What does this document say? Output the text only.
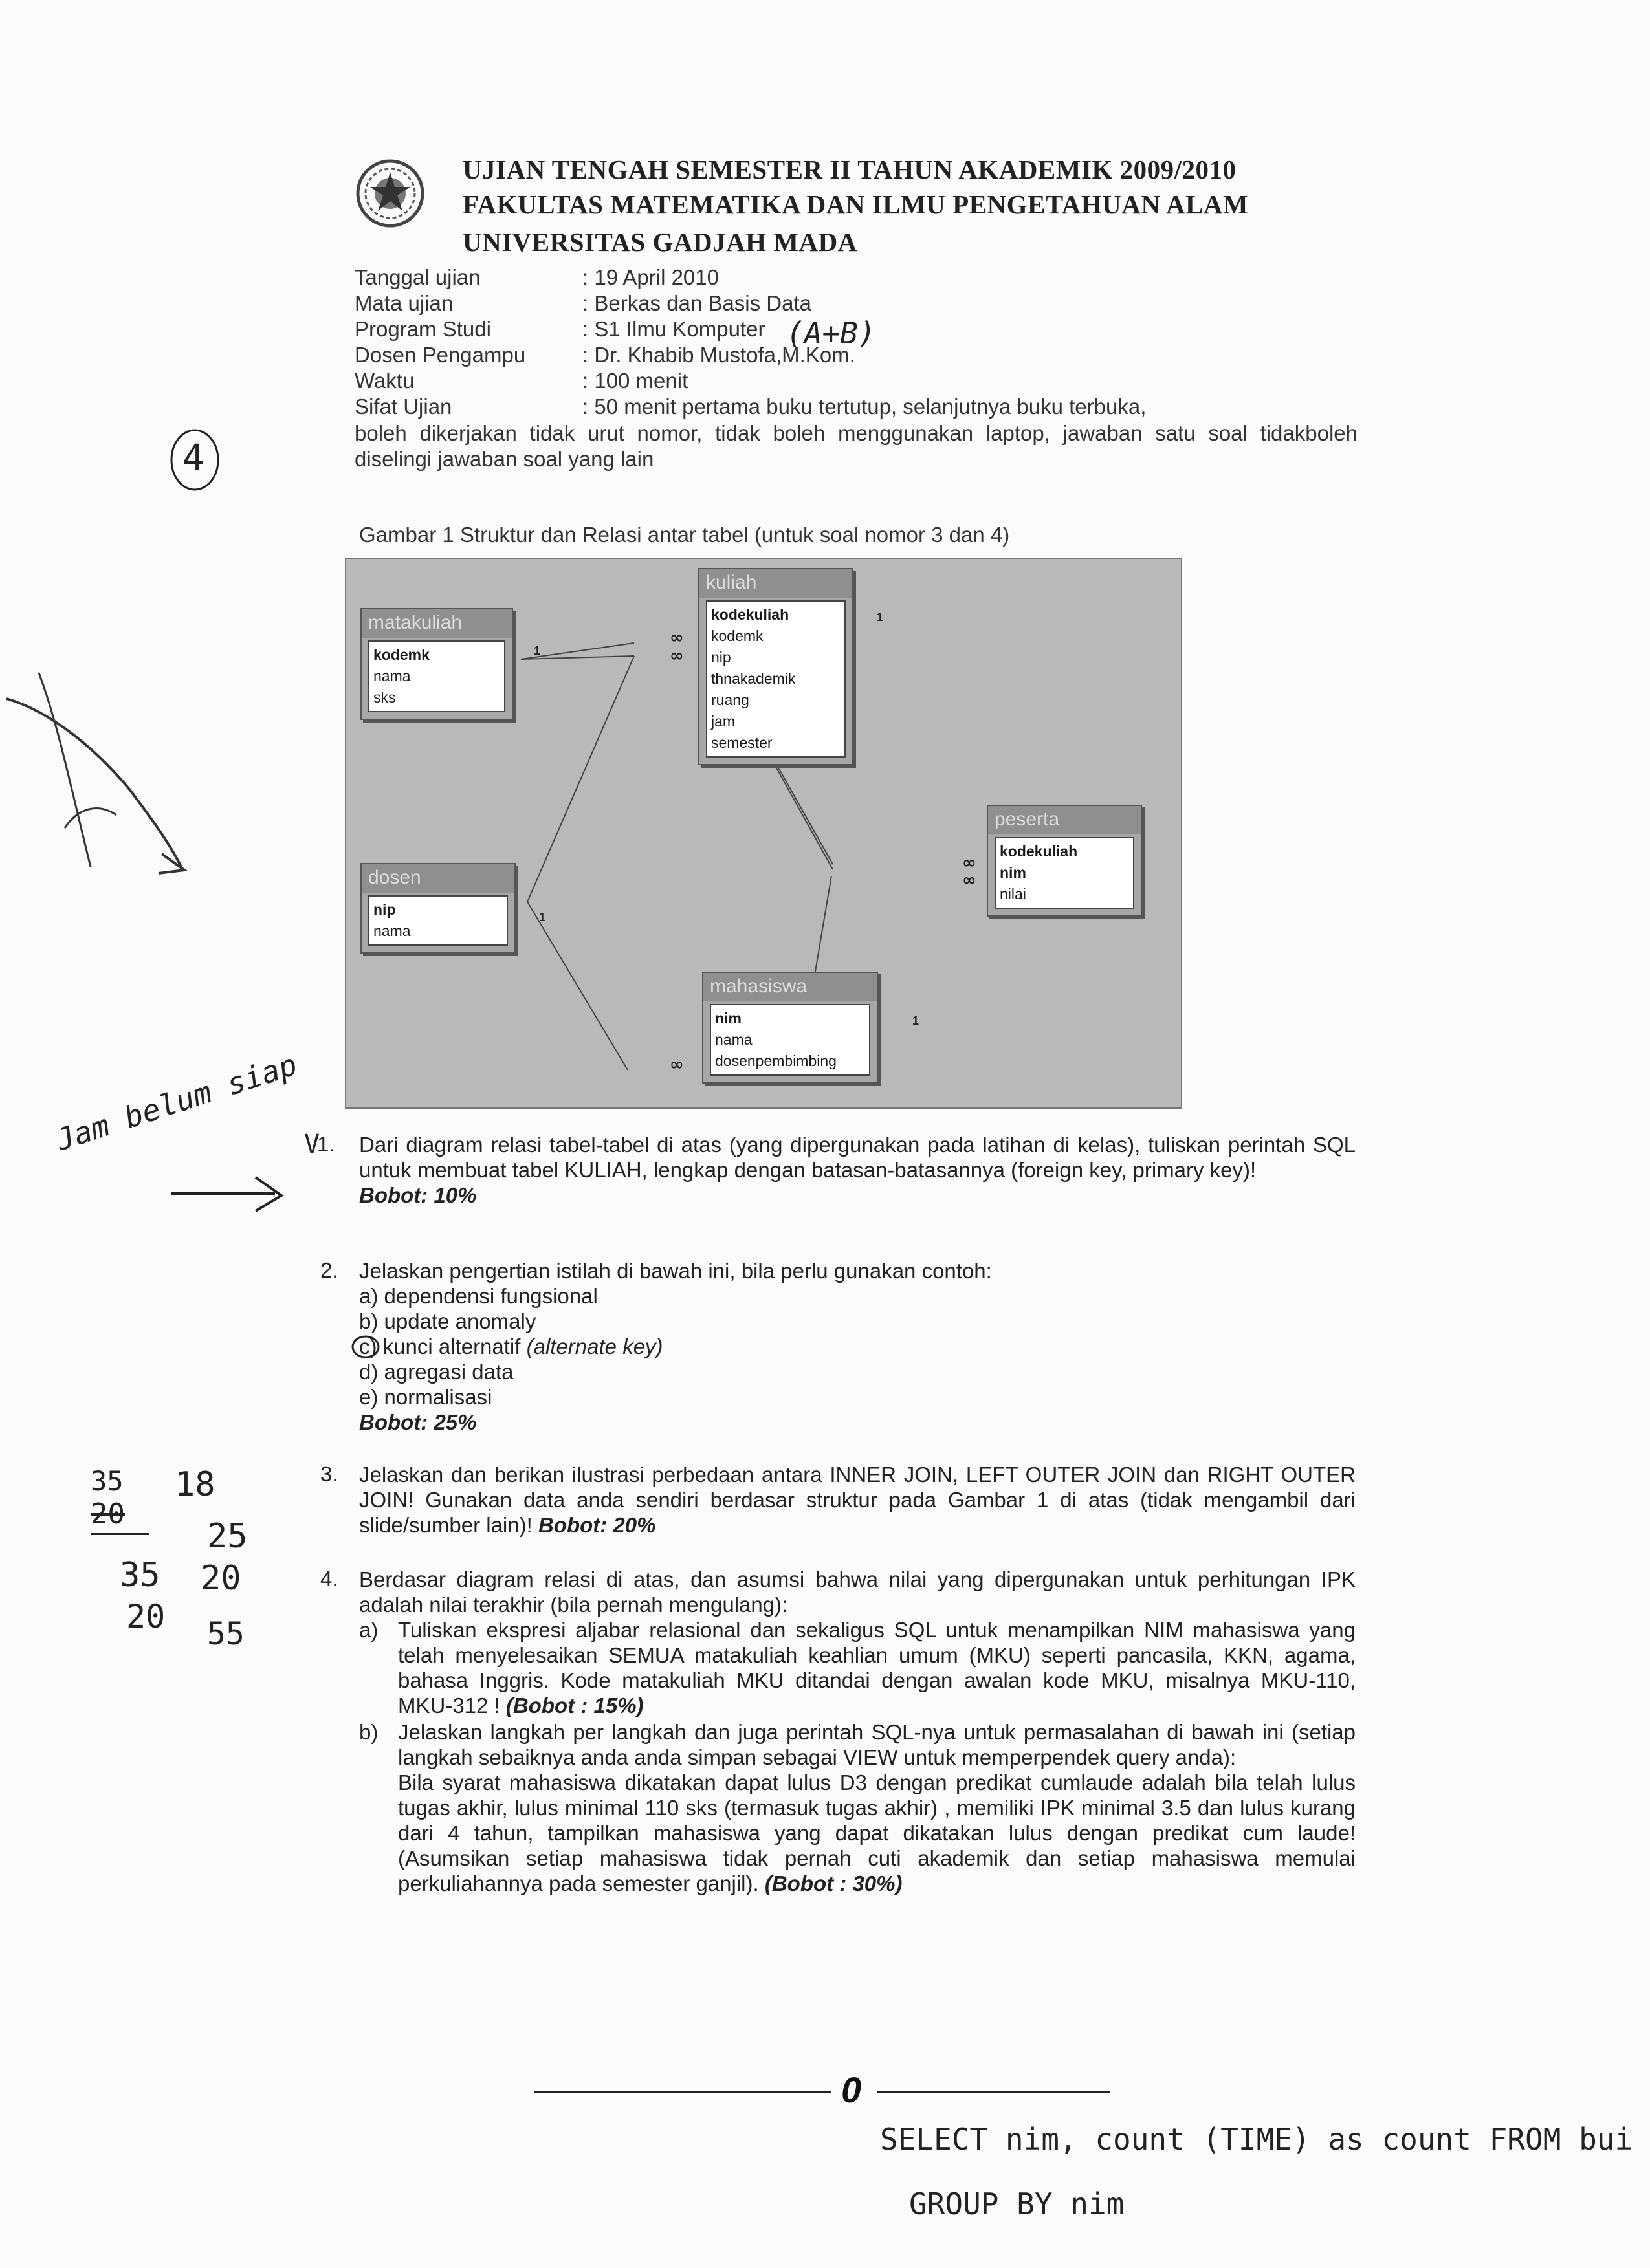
UJIAN TENGAH SEMESTER II TAHUN AKADEMIK 2009/2010
FAKULTAS MATEMATIKA DAN ILMU PENGETAHUAN ALAM
UNIVERSITAS GADJAH MADA
Tanggal ujian	: 19 April 2010
Mata ujian	: Berkas dan Basis Data
Program Studi	: S1 Ilmu Komputer
Dosen Pengampu	: Dr. Khabib Mustofa,M.Kom.
Waktu	: 100 menit
Sifat Ujian	: 50 menit pertama buku tertutup, selanjutnya buku terbuka,
boleh dikerjakan tidak urut nomor, tidak boleh menggunakan laptop, jawaban satu soal tidakboleh diselingi jawaban soal yang lain
Gambar 1 Struktur dan Relasi antar tabel (untuk soal nomor 3 dan 4)
1
1
1
1
∞
∞
∞
∞
∞
matakuliah
kodemk
nama
sks
kuliah
kodekuliah
kodemk
nip
thnakademik
ruang
jam
semester
dosen
nip
nama
peserta
kodekuliah
nim
nilai
mahasiswa
nim
nama
dosenpembimbing
1. Dari diagram relasi tabel-tabel di atas (yang dipergunakan pada latihan di kelas), tuliskan perintah SQL untuk membuat tabel KULIAH, lengkap dengan batasan-batasannya (foreign key, primary key)!
Bobot: 10%
2. Jelaskan pengertian istilah di bawah ini, bila perlu gunakan contoh:
a) dependensi fungsional
b) update anomaly
c) kunci alternatif (alternate key)
d) agregasi data
e) normalisasi
Bobot: 25%
3. Jelaskan dan berikan ilustrasi perbedaan antara INNER JOIN, LEFT OUTER JOIN dan RIGHT OUTER JOIN! Gunakan data anda sendiri berdasar struktur pada Gambar 1 di atas (tidak mengambil dari slide/sumber lain)! Bobot: 20%
4. Berdasar diagram relasi di atas, dan asumsi bahwa nilai yang dipergunakan untuk perhitungan IPK adalah nilai terakhir (bila pernah mengulang):
a) Tuliskan ekspresi aljabar relasional dan sekaligus SQL untuk menampilkan NIM mahasiswa yang telah menyelesaikan SEMUA matakuliah keahlian umum (MKU) seperti pancasila, KKN, agama, bahasa Inggris. Kode matakuliah MKU ditandai dengan awalan kode MKU, misalnya MKU-110, MKU-312 ! (Bobot : 15%)
b) Jelaskan langkah per langkah dan juga perintah SQL-nya untuk permasalahan di bawah ini (setiap langkah sebaiknya anda anda simpan sebagai VIEW untuk memperpendek query anda):
Bila syarat mahasiswa dikatakan dapat lulus D3 dengan predikat cumlaude adalah bila telah lulus tugas akhir, lulus minimal 110 sks (termasuk tugas akhir) , memiliki IPK minimal 3.5 dan lulus kurang dari 4 tahun, tampilkan mahasiswa yang dapat dikatakan lulus dengan predikat cum laude! (Asumsikan setiap mahasiswa tidak pernah cuti akademik dan setiap mahasiswa memulai perkuliahannya pada semester ganjil). (Bobot : 30%)
0
4
(A+B)
Jam belum siap V
35 18
20
25
35 20
20 55
SELECT nim, count (TIME) as count FROM bui
GROUP BY nim
